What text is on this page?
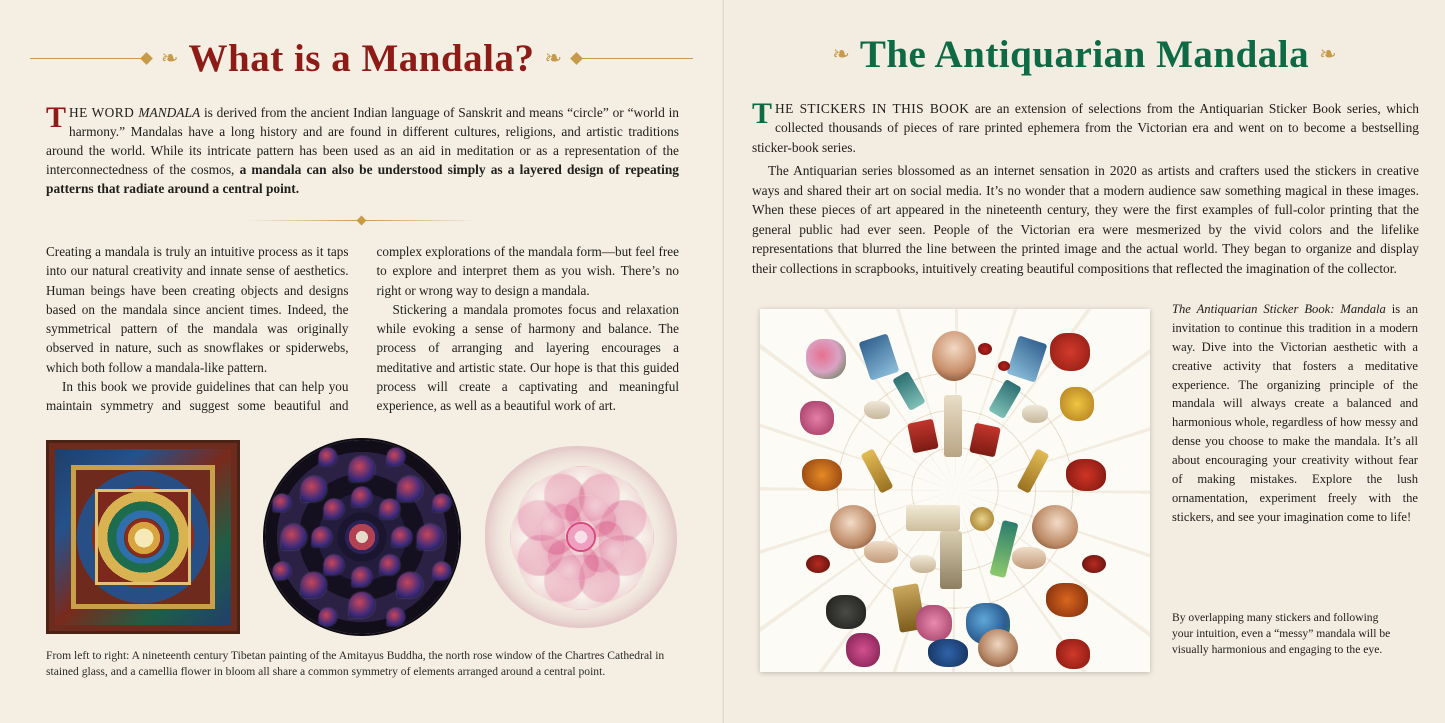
❧ What is a Mandala? ❧

THE WORD MANDALA is derived from the ancient Indian language of Sanskrit and means “circle” or “world in harmony.” Mandalas have a long history and are found in different cultures, religions, and artistic traditions around the world. While its intricate pattern has been used as an aid in meditation or as a representation of the interconnectedness of the cosmos, a mandala can also be understood simply as a layered design of repeating patterns that radiate around a central point.

Creating a mandala is truly an intuitive process as it taps into our natural creativity and innate sense of aesthetics. Human beings have been creating objects and designs based on the mandala since ancient times. Indeed, the symmetrical pattern of the mandala was originally observed in nature, such as snowflakes or spiderwebs, which both follow a mandala-like pattern.

In this book we provide guidelines that can help you maintain symmetry and suggest some beautiful and complex explorations of the mandala form—but feel free to explore and interpret them as you wish. There’s no right or wrong way to design a mandala.

Stickering a mandala promotes focus and relaxation while evoking a sense of harmony and balance. The process of arranging and layering encourages a meditative and artistic state. Our hope is that this guided process will create a captivating and meaningful experience, as well as a beautiful work of art.

From left to right: A nineteenth century Tibetan painting of the Amitayus Buddha, the north rose window of the Chartres Cathedral in stained glass, and a camellia flower in bloom all share a common symmetry of elements arranged around a central point.
❧ The Antiquarian Mandala ❧

THE STICKERS IN THIS BOOK are an extension of selections from the Antiquarian Sticker Book series, which collected thousands of pieces of rare printed ephemera from the Victorian era and went on to become a bestselling sticker-book series.

The Antiquarian series blossomed as an internet sensation in 2020 as artists and crafters used the stickers in creative ways and shared their art on social media. It’s no wonder that a modern audience saw something magical in these images. When these pieces of art appeared in the nineteenth century, they were the first examples of full-color printing that the general public had ever seen. People of the Victorian era were mesmerized by the vivid colors and the lifelike representations that blurred the line between the printed image and the actual world. They began to organize and display their collections in scrapbooks, intuitively creating beautiful compositions that reflected the imagination of the collector.

The Antiquarian Sticker Book: Mandala is an invitation to continue this tradition in a modern way. Dive into the Victorian aesthetic with a creative activity that fosters a meditative experience. The organizing principle of the mandala will always create a balanced and harmonious whole, regardless of how messy and dense you choose to make the mandala. It’s all about encouraging your creativity without fear of making mistakes. Explore the lush ornamentation, experiment freely with the stickers, and see your imagination come to life!
By overlapping many stickers and following your intuition, even a “messy” mandala will be visually harmonious and engaging to the eye.
